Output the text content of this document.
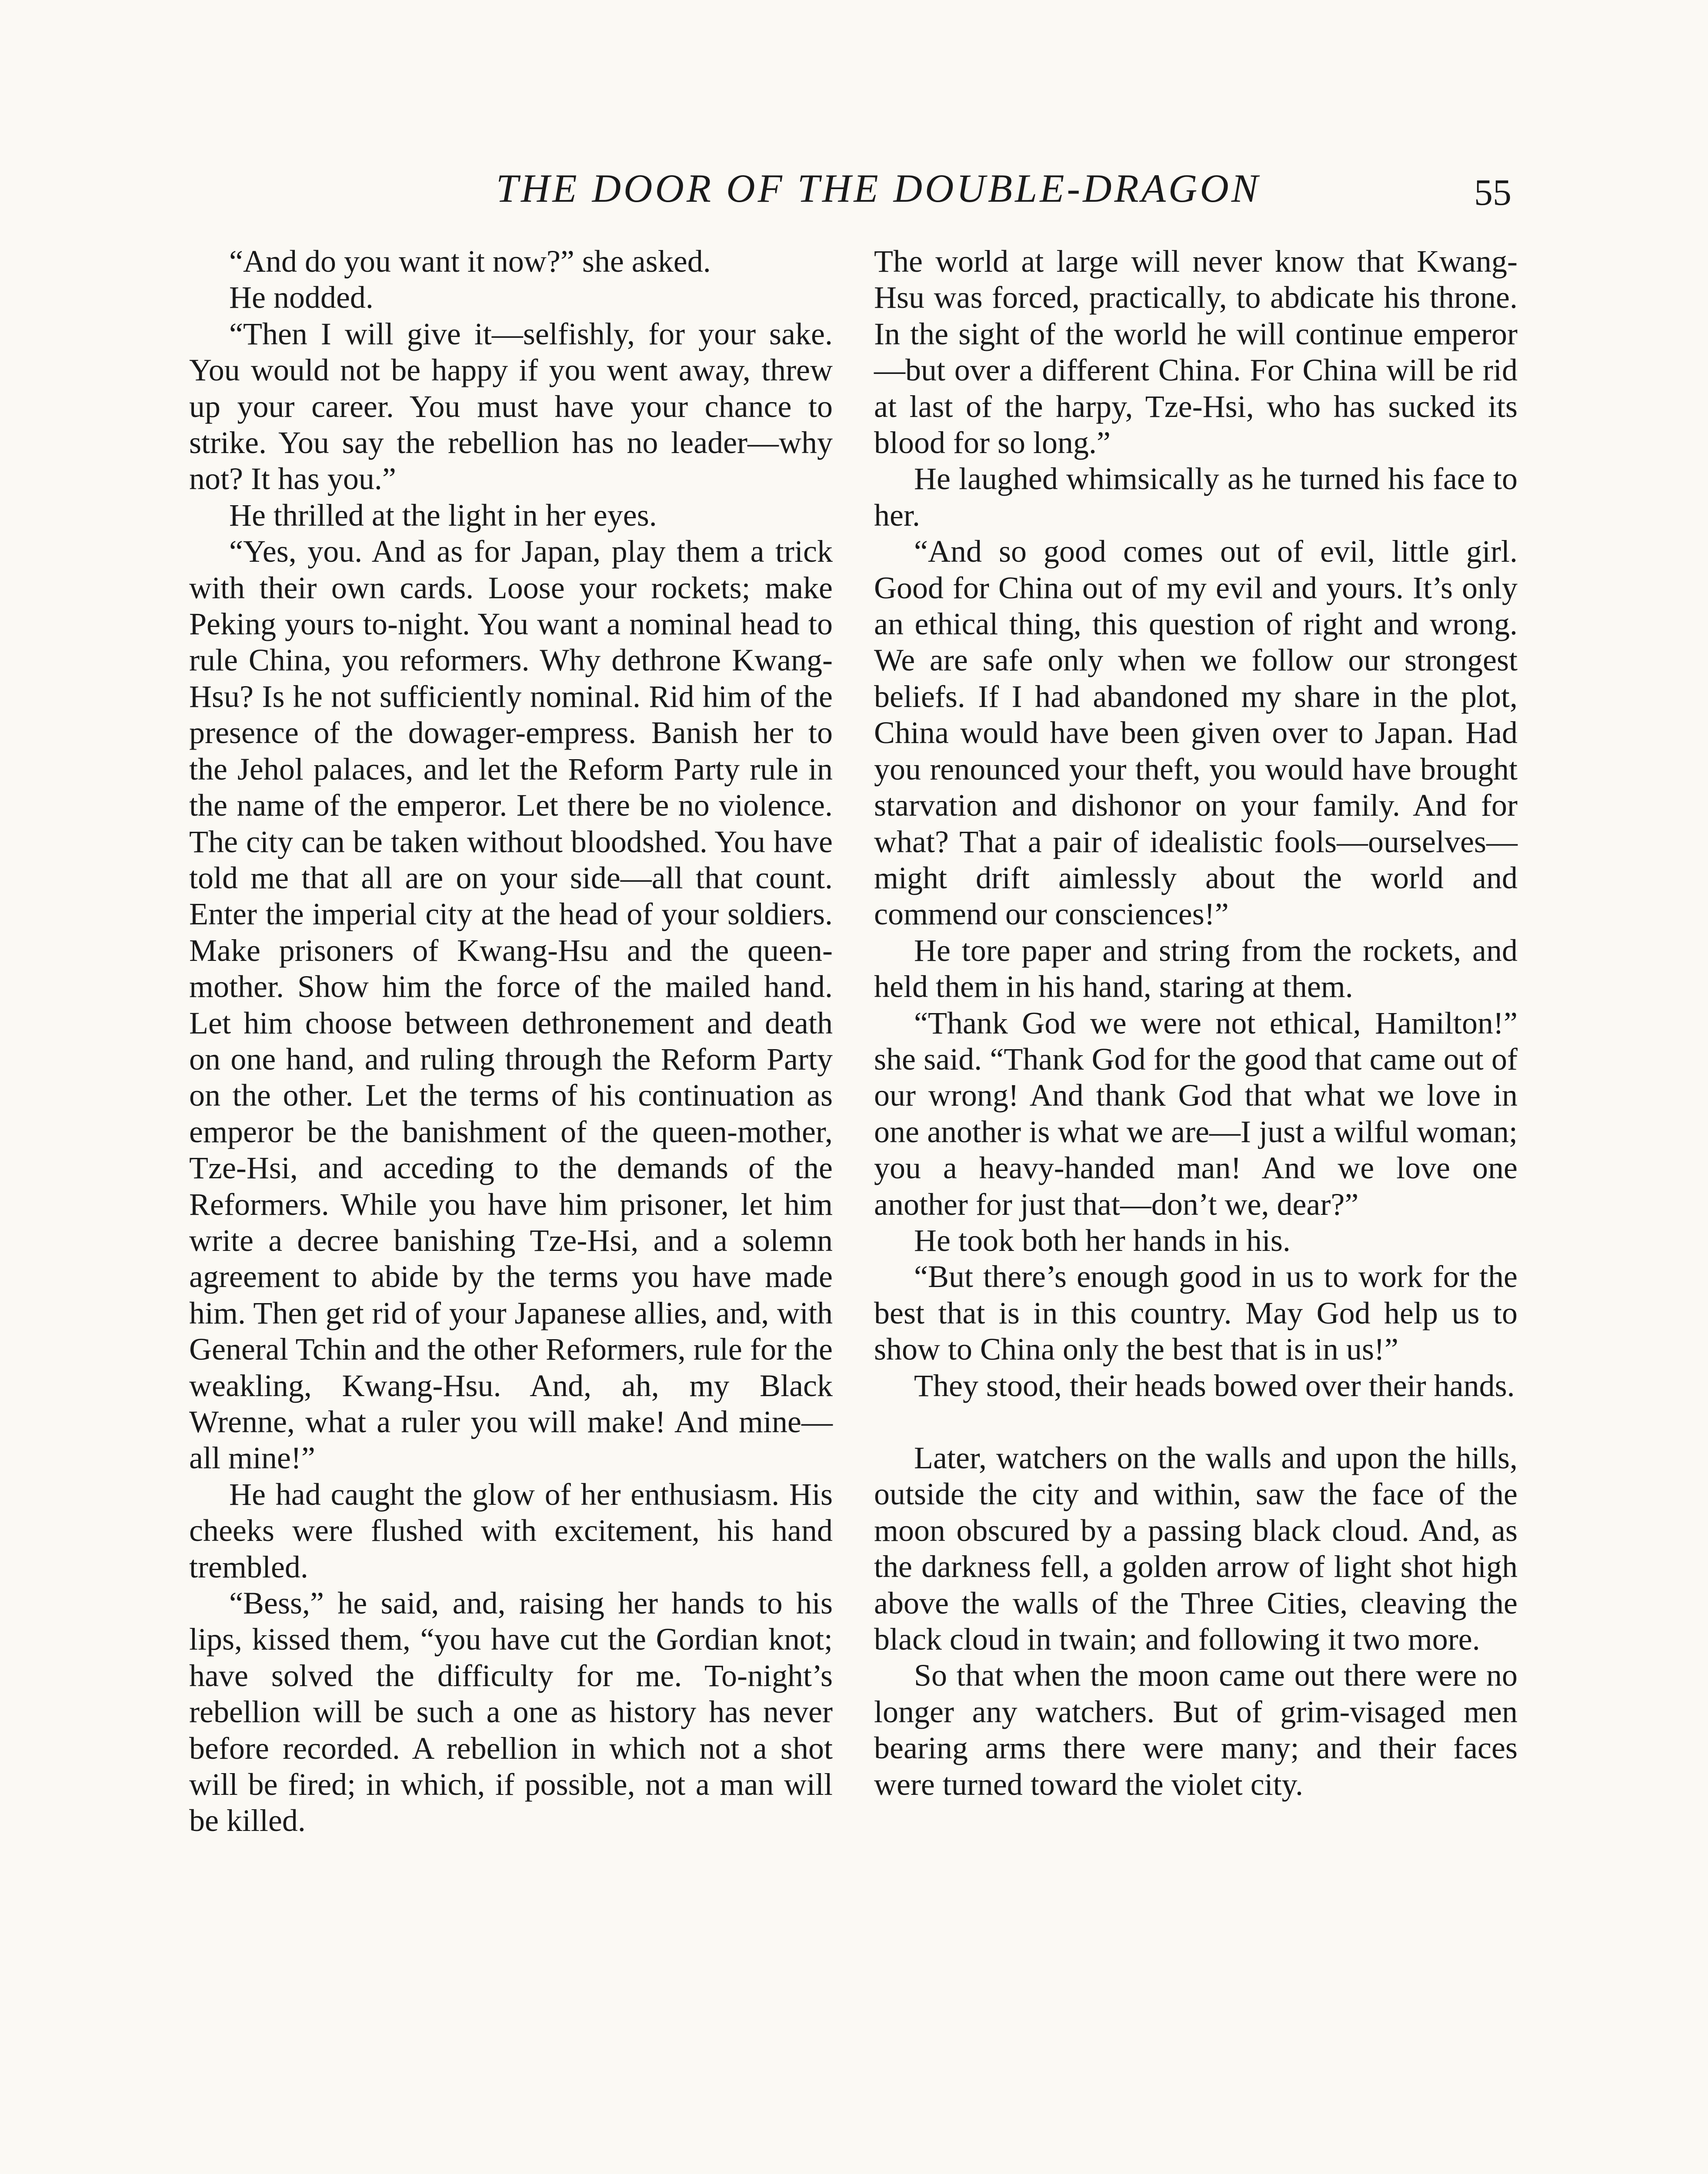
THE DOOR OF THE DOUBLE-DRAGON	55

“And do you want it now?” she asked.

He nodded.

“Then I will give it—selfishly, for your sake. You would not be happy if you went away, threw up your career. You must have your chance to strike. You say the rebellion has no leader—why not? It has you.”

He thrilled at the light in her eyes.

“Yes, you. And as for Japan, play them a trick with their own cards. Loose your rockets; make Peking yours to-night. You want a nominal head to rule China, you reformers. Why dethrone Kwang-Hsu? Is he not sufficiently nominal. Rid him of the presence of the dowager-empress. Banish her to the Jehol palaces, and let the Reform Party rule in the name of the emperor. Let there be no violence. The city can be taken without bloodshed. You have told me that all are on your side—all that count. Enter the imperial city at the head of your soldiers. Make prisoners of Kwang-Hsu and the queen-mother. Show him the force of the mailed hand. Let him choose between dethronement and death on one hand, and ruling through the Reform Party on the other. Let the terms of his continuation as emperor be the banishment of the queen-mother, Tze-Hsi, and acceding to the demands of the Reformers. While you have him prisoner, let him write a decree banishing Tze-Hsi, and a solemn agreement to abide by the terms you have made him. Then get rid of your Japanese allies, and, with General Tchin and the other Reformers, rule for the weakling, Kwang-Hsu. And, ah, my Black Wrenne, what a ruler you will make! And mine—all mine!”

He had caught the glow of her enthusiasm. His cheeks were flushed with excitement, his hand trembled.

“Bess,” he said, and, raising her hands to his lips, kissed them, “you have cut the Gordian knot; have solved the difficulty for me. To-night’s rebellion will be such a one as history has never before recorded. A rebellion in which not a shot will be fired; in which, if possible, not a man will be killed.

The world at large will never know that Kwang-Hsu was forced, practically, to abdicate his throne. In the sight of the world he will continue emperor—but over a different China. For China will be rid at last of the harpy, Tze-Hsi, who has sucked its blood for so long.”

He laughed whimsically as he turned his face to her.

“And so good comes out of evil, little girl. Good for China out of my evil and yours. It’s only an ethical thing, this question of right and wrong. We are safe only when we follow our strongest beliefs. If I had abandoned my share in the plot, China would have been given over to Japan. Had you renounced your theft, you would have brought starvation and dishonor on your family. And for what? That a pair of idealistic fools—ourselves—might drift aimlessly about the world and commend our consciences!”

He tore paper and string from the rockets, and held them in his hand, staring at them.

“Thank God we were not ethical, Hamilton!” she said. “Thank God for the good that came out of our wrong! And thank God that what we love in one another is what we are—I just a wilful woman; you a heavy-handed man! And we love one another for just that—don’t we, dear?”

He took both her hands in his.

“But there’s enough good in us to work for the best that is in this country. May God help us to show to China only the best that is in us!”

They stood, their heads bowed over their hands.

Later, watchers on the walls and upon the hills, outside the city and within, saw the face of the moon obscured by a passing black cloud. And, as the darkness fell, a golden arrow of light shot high above the walls of the Three Cities, cleaving the black cloud in twain; and following it two more.

So that when the moon came out there were no longer any watchers. But of grim-visaged men bearing arms there were many; and their faces were turned toward the violet city.
